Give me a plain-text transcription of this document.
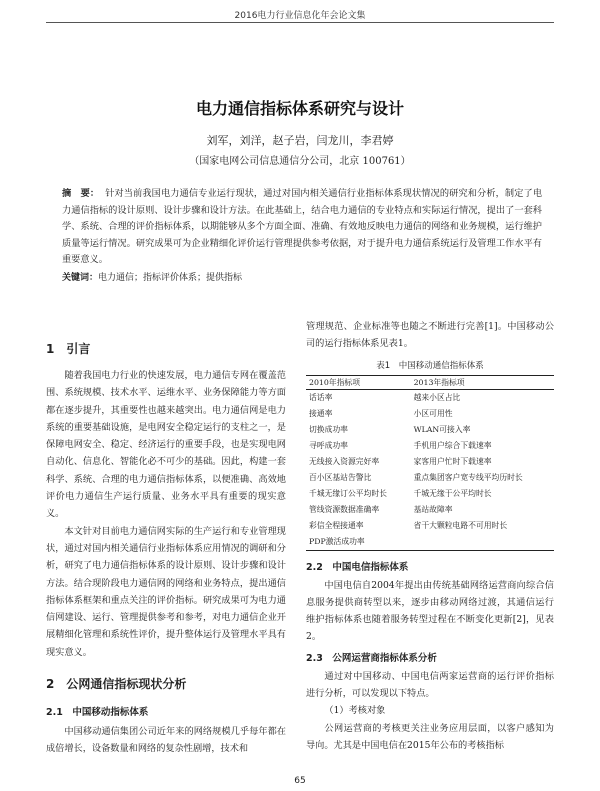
2016电力行业信息化年会论文集
电力通信指标体系研究与设计
刘军，刘洋，赵子岩，闫龙川，李君婷
（国家电网公司信息通信分公司，北京 100761）
摘　要： 针对当前我国电力通信专业运行现状，通过对国内相关通信行业指标体系现状情况的研究和分析，制定了电力通信指标的设计原则、设计步骤和设计方法。在此基础上，结合电力通信的专业特点和实际运行情况，提出了一套科学、系统、合理的评价指标体系，以期能够从多个方面全面、准确、有效地反映电力通信的网络和业务规模，运行维护质量等运行情况。研究成果可为企业精细化评价运行管理提供参考依据，对于提升电力通信系统运行及管理工作水平有重要意义。
关键词：电力通信；指标评价体系；提供指标

1　引言

随着我国电力行业的快速发展，电力通信专网在覆盖范围、系统规模、技术水平、运维水平、业务保障能力等方面都在逐步提升，其重要性也越来越突出。电力通信网是电力系统的重要基础设施，是电网安全稳定运行的支柱之一，是保障电网安全、稳定、经济运行的重要手段，也是实现电网自动化、信息化、智能化必不可少的基础。因此，构建一套科学、系统、合理的电力通信指标体系，以便准确、高效地评价电力通信生产运行质量、业务水平具有重要的现实意义。

本文针对目前电力通信网实际的生产运行和专业管理现状，通过对国内相关通信行业指标体系应用情况的调研和分析，研究了电力通信指标体系的设计原则、设计步骤和设计方法。结合现阶段电力通信网的网络和业务特点，提出通信指标体系框架和重点关注的评价指标。研究成果可为电力通信网建设、运行、管理提供参考和参考，对电力通信企业开展精细化管理和系统性评价，提升整体运行及管理水平具有现实意义。

2　公网通信指标现状分析

2.1　中国移动指标体系

中国移动通信集团公司近年来的网络规模几乎每年都在成倍增长，设备数量和网络的复杂性剧增，技术和

管理规范、企业标准等也随之不断进行完善[1]。中国移动公司的运行指标体系见表1。

表1　中国移动通信指标体系
2010年指标项	2013年指标项
话话率	越来小区占比
接通率	小区可用性
切换成功率	WLAN可接入率
寻呼成功率	手机用户综合下载速率
无线接入资源完好率	家客用户忙时下载速率
百小区基站告警比	重点集团客户宽专线平均历时长
千城无缘订公平均时长	千城无缘于公平均时长
管线资源数据准确率	基站故障率
彩信全程接通率	省干大颗粒电路不可用时长
PDP激活成功率	

2.2　中国电信指标体系

中国电信自2004年提出由传统基础网络运营商向综合信息服务提供商转型以来，逐步由移动网络过渡，其通信运行维护指标体系也随着服务转型过程在不断变化更新[2]，见表2。

2.3　公网运营商指标体系分析

通过对中国移动、中国电信两家运营商的运行评价指标进行分析，可以发现以下特点。

（1）考核对象

公网运营商的考核更关注业务应用层面，以客户感知为导向。尤其是中国电信在2015年公布的考核指标

65
